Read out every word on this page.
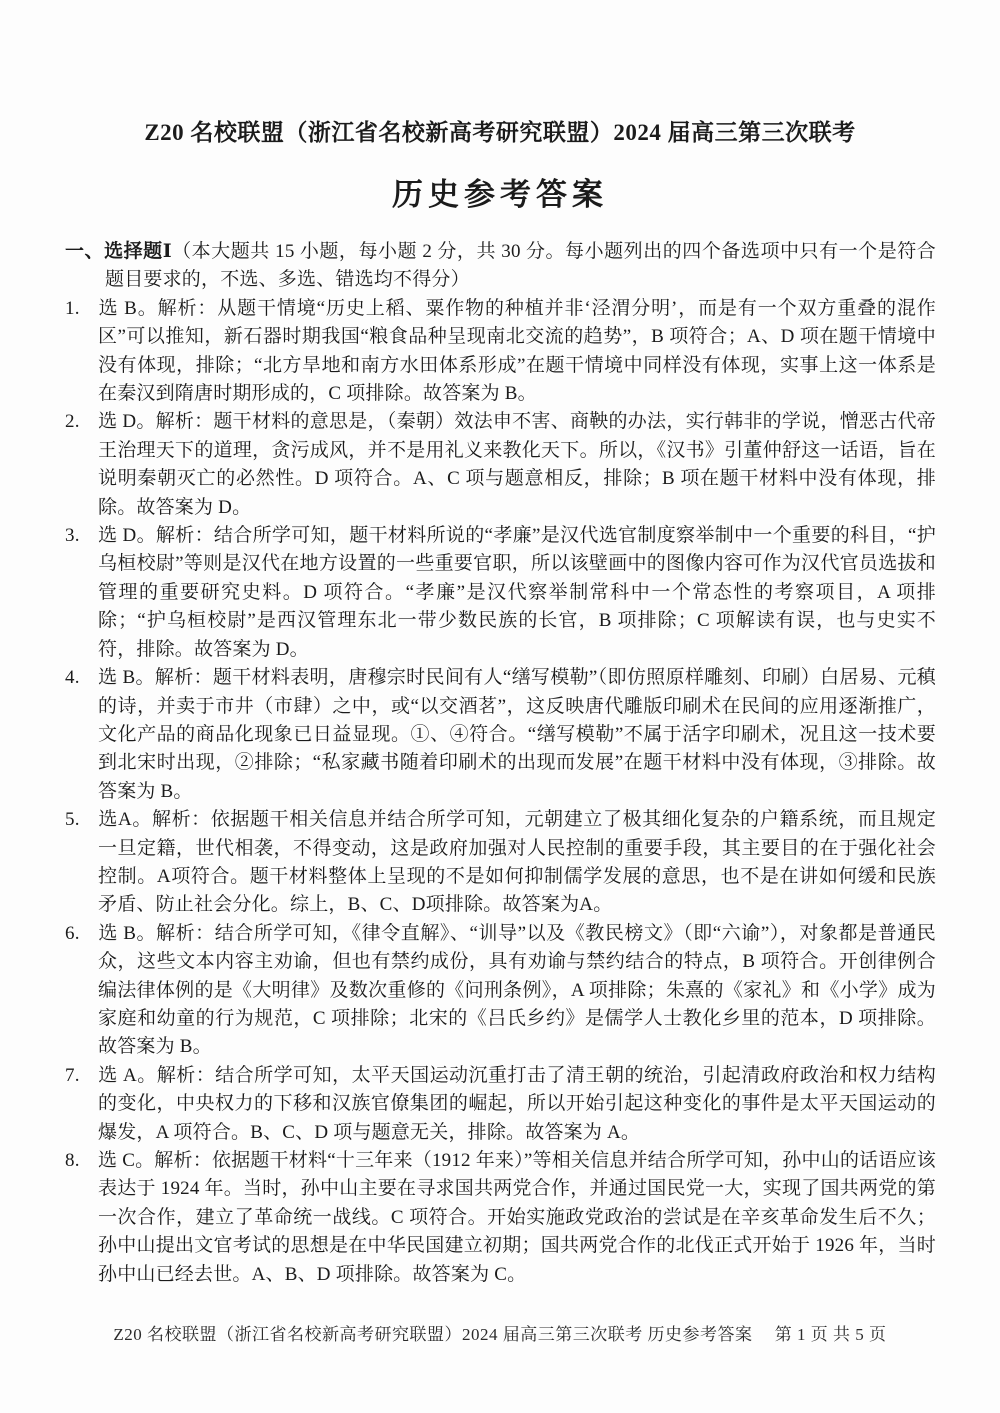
Z20 名校联盟（浙江省名校新高考研究联盟）2024 届高三第三次联考
历史参考答案
一、选择题Ⅰ（本大题共 15 小题，每小题 2 分，共 30 分。每小题列出的四个备选项中只有一个是符合题目要求的，不选、多选、错选均不得分）
1. 选 B。解析：从题干情境“历史上稻、粟作物的种植并非‘泾渭分明’，而是有一个双方重叠的混作区”可以推知，新石器时期我国“粮食品种呈现南北交流的趋势”，B 项符合；A、D 项在题干情境中没有体现，排除；“北方旱地和南方水田体系形成”在题干情境中同样没有体现，实事上这一体系是在秦汉到隋唐时期形成的，C 项排除。故答案为 B。
2. 选 D。解析：题干材料的意思是，（秦朝）效法申不害、商鞅的办法，实行韩非的学说，憎恶古代帝王治理天下的道理，贪污成风，并不是用礼义来教化天下。所以，《汉书》引董仲舒这一话语，旨在说明秦朝灭亡的必然性。D 项符合。A、C 项与题意相反，排除；B 项在题干材料中没有体现，排除。故答案为 D。
3. 选 D。解析：结合所学可知，题干材料所说的“孝廉”是汉代选官制度察举制中一个重要的科目，“护乌桓校尉”等则是汉代在地方设置的一些重要官职，所以该壁画中的图像内容可作为汉代官员选拔和管理的重要研究史料。D 项符合。“孝廉”是汉代察举制常科中一个常态性的考察项目，A 项排除；“护乌桓校尉”是西汉管理东北一带少数民族的长官，B 项排除；C 项解读有误，也与史实不符，排除。故答案为 D。
4. 选 B。解析：题干材料表明，唐穆宗时民间有人“缮写模勒”（即仿照原样雕刻、印刷）白居易、元稹的诗，并卖于市井（市肆）之中，或“以交酒茗”，这反映唐代雕版印刷术在民间的应用逐渐推广，文化产品的商品化现象已日益显现。①、④符合。“缮写模勒”不属于活字印刷术，况且这一技术要到北宋时出现，②排除；“私家藏书随着印刷术的出现而发展”在题干材料中没有体现，③排除。故答案为 B。
5. 选A。解析：依据题干相关信息并结合所学可知，元朝建立了极其细化复杂的户籍系统，而且规定一旦定籍，世代相袭，不得变动，这是政府加强对人民控制的重要手段，其主要目的在于强化社会控制。A项符合。题干材料整体上呈现的不是如何抑制儒学发展的意思，也不是在讲如何缓和民族矛盾、防止社会分化。综上，B、C、D项排除。故答案为A。
6. 选 B。解析：结合所学可知，《律令直解》、“训导”以及《教民榜文》（即“六谕”），对象都是普通民众，这些文本内容主劝谕，但也有禁约成份，具有劝谕与禁约结合的特点，B 项符合。开创律例合编法律体例的是《大明律》及数次重修的《问刑条例》，A 项排除；朱熹的《家礼》和《小学》成为家庭和幼童的行为规范，C 项排除；北宋的《吕氏乡约》是儒学人士教化乡里的范本，D 项排除。故答案为 B。
7. 选 A。解析：结合所学可知，太平天国运动沉重打击了清王朝的统治，引起清政府政治和权力结构的变化，中央权力的下移和汉族官僚集团的崛起，所以开始引起这种变化的事件是太平天国运动的爆发，A 项符合。B、C、D 项与题意无关，排除。故答案为 A。
8. 选 C。解析：依据题干材料“十三年来（1912 年来）”等相关信息并结合所学可知，孙中山的话语应该表达于 1924 年。当时，孙中山主要在寻求国共两党合作，并通过国民党一大，实现了国共两党的第一次合作，建立了革命统一战线。C 项符合。开始实施政党政治的尝试是在辛亥革命发生后不久；孙中山提出文官考试的思想是在中华民国建立初期；国共两党合作的北伐正式开始于 1926 年，当时孙中山已经去世。A、B、D 项排除。故答案为 C。
Z20 名校联盟（浙江省名校新高考研究联盟）2024 届高三第三次联考 历史参考答案　 第 1 页 共 5 页
